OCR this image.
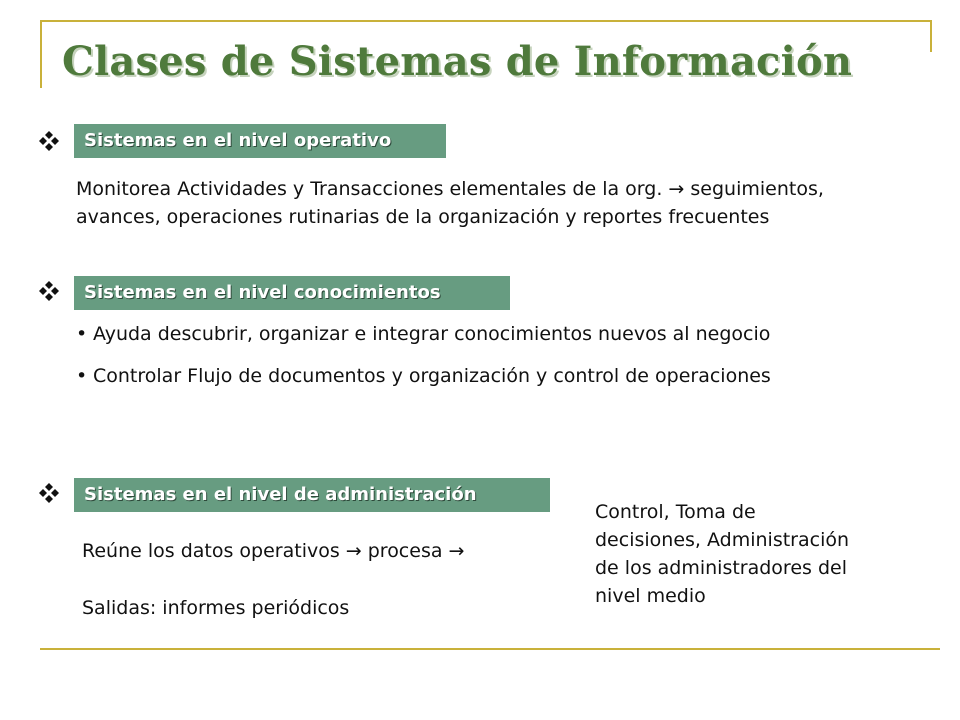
Clases de Sistemas de Información
Sistemas en el nivel operativo
Monitorea Actividades y Transacciones elementales de la org. → seguimientos, avances, operaciones rutinarias de la organización y reportes frecuentes
Sistemas en el nivel conocimientos
• Ayuda descubrir, organizar e integrar conocimientos nuevos al negocio
• Controlar Flujo de documentos y organización y control de operaciones
Sistemas en el nivel de administración
Reúne los datos operativos → procesa →
Salidas: informes periódicos
Control, Toma de decisiones, Administración de los administradores del nivel medio
